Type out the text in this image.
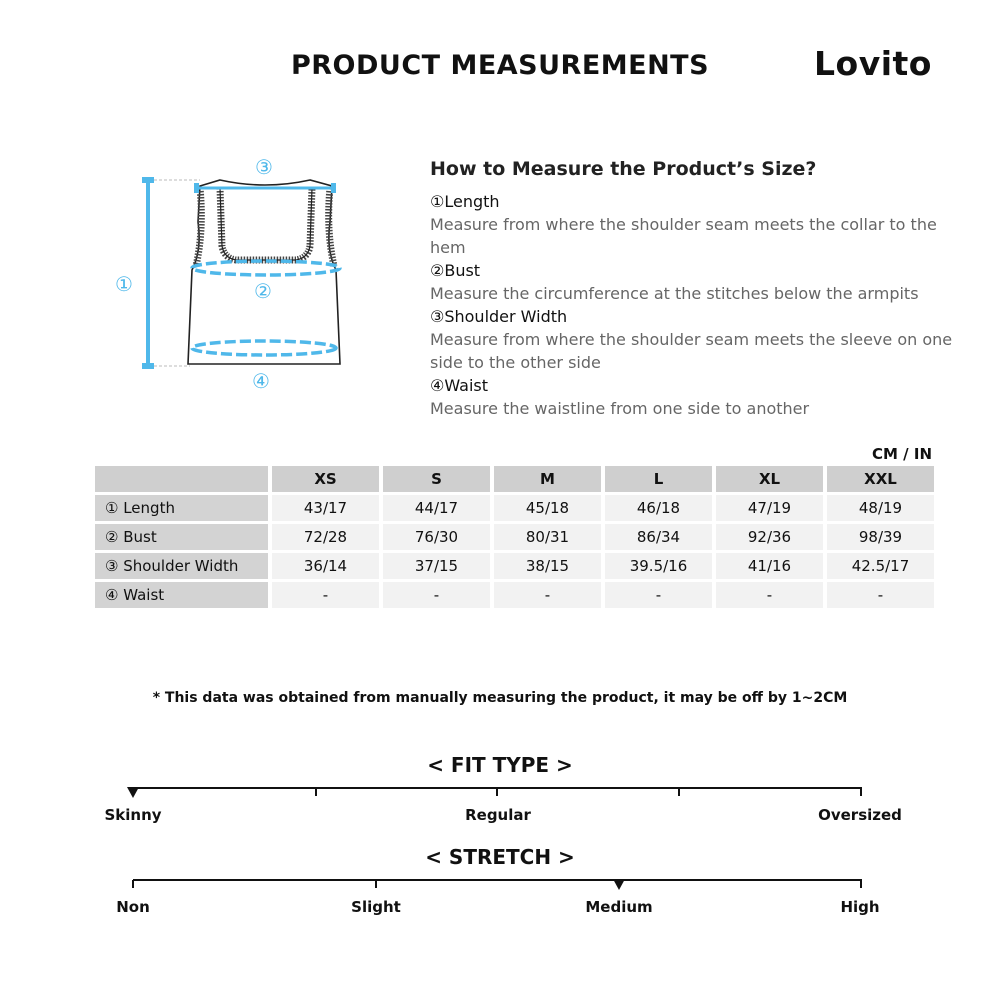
PRODUCT MEASUREMENTS	Lovito
①	②
③
④
How to Measure the Product’s Size?

①Length

Measure from where the shoulder seam meets the collar to the hem

②Bust

Measure the circumference at the stitches below the armpits

③Shoulder Width

Measure from where the shoulder seam meets the sleeve on one side to the other side

④Waist

Measure the waistline from one side to another

CM / IN
	XS	S	M	L	XL	XXL
① Length	43/17	44/17	45/18	46/18	47/19	48/19
② Bust	72/28	76/30	80/31	86/34	92/36	98/39
③ Shoulder Width	36/14	37/15	38/15	39.5/16	41/16	42.5/17
④ Waist	-	-	-	-	-	-
* This data was obtained from manually measuring the product, it may be off by 1~2CM
< FIT TYPE >
Skinny	Regular	Oversized
< STRETCH >
Non	Slight	Medium	High
